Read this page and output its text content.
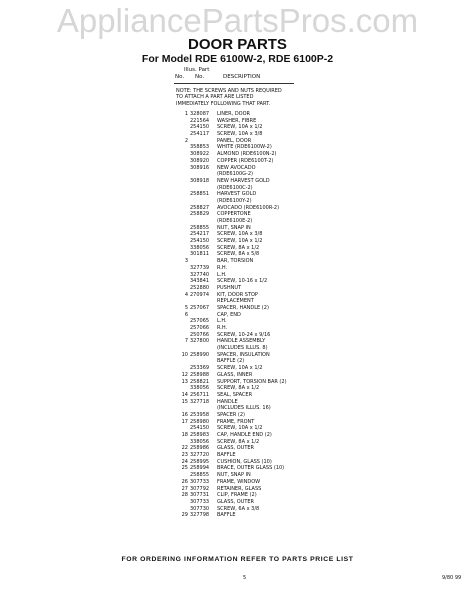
AppliancePartsPros.com
DOOR PARTS
For Model RDE 6100W-2, RDE 6100P-2
Illus. Part
No. No.	DESCRIPTION
NOTE: THE SCREWS AND NUTS REQUIRED
TO ATTACH A PART ARE LISTED
IMMEDIATELY FOLLOWING THAT PART.
1 328087	LINER, DOOR
221564	WASHER, FIBRE
254150	SCREW, 10A x 1/2
254117	SCREW, 10A x 3/8
2	PANEL, DOOR
358853	WHITE (RDE6100W-2)
308922	ALMOND (RDE6100N-2)
308920	COPPER (RDE6100T-2)
308916	NEW AVOCADO
(RDE6100G-2)
308918	NEW HARVEST GOLD
(RDE6100C-2)
258851	HARVEST GOLD
(RDE6100Y-2)
258827	AVOCADO (RDE6100R-2)
258829	COPPERTONE
(RDE6100E-2)
258855	NUT, SNAP IN
254217	SCREW, 10A x 3/8
254150	SCREW, 10A x 1/2
338056	SCREW, 8A x 1/2
301811	SCREW, 8A x 5/8
3	BAR, TORSION
327739	R.H.
327740	L.H.
343841	SCREW, 10-16 x 1/2
252880	PUSHNUT
4 270974	KIT, DOOR STOP
REPLACEMENT
5 257067	SPACER, HANDLE (2)
6	CAP, END
257065	L.H.
257066	R.H.
250766	SCREW, 10-24 x 9/16
7 327800	HANDLE ASSEMBLY
(INCLUDES ILLUS. 8)
10 258990	SPACER, INSULATION
BAFFLE (2)
253369	SCREW, 10A x 1/2
12 258988	GLASS, INNER
13 258821	SUPPORT, TORSION BAR (2)
338056	SCREW, 8A x 1/2
14 256711	SEAL, SPACER
15 327718	HANDLE
(INCLUDES ILLUS. 16)
16 253958	SPACER (2)
17 258980	FRAME, FRONT
254150	SCREW, 10A x 1/2
18 258983	CAP, HANDLE END (2)
338056	SCREW, 8A x 1/2
22 258986	GLASS, OUTER
23 327720	BAFFLE
24 258995	CUSHION, GLASS (10)
25 258994	BRACE, OUTER GLASS (10)
258855	NUT, SNAP IN
26 307733	FRAME, WINDOW
27 307792	RETAINER, GLASS
28 307731	CLIP, FRAME (2)
307733	GLASS, OUTER
307730	SCREW, 6A x 3/8
29 327798	BAFFLE
FOR ORDERING INFORMATION REFER TO PARTS PRICE LIST
5	9/80 99
